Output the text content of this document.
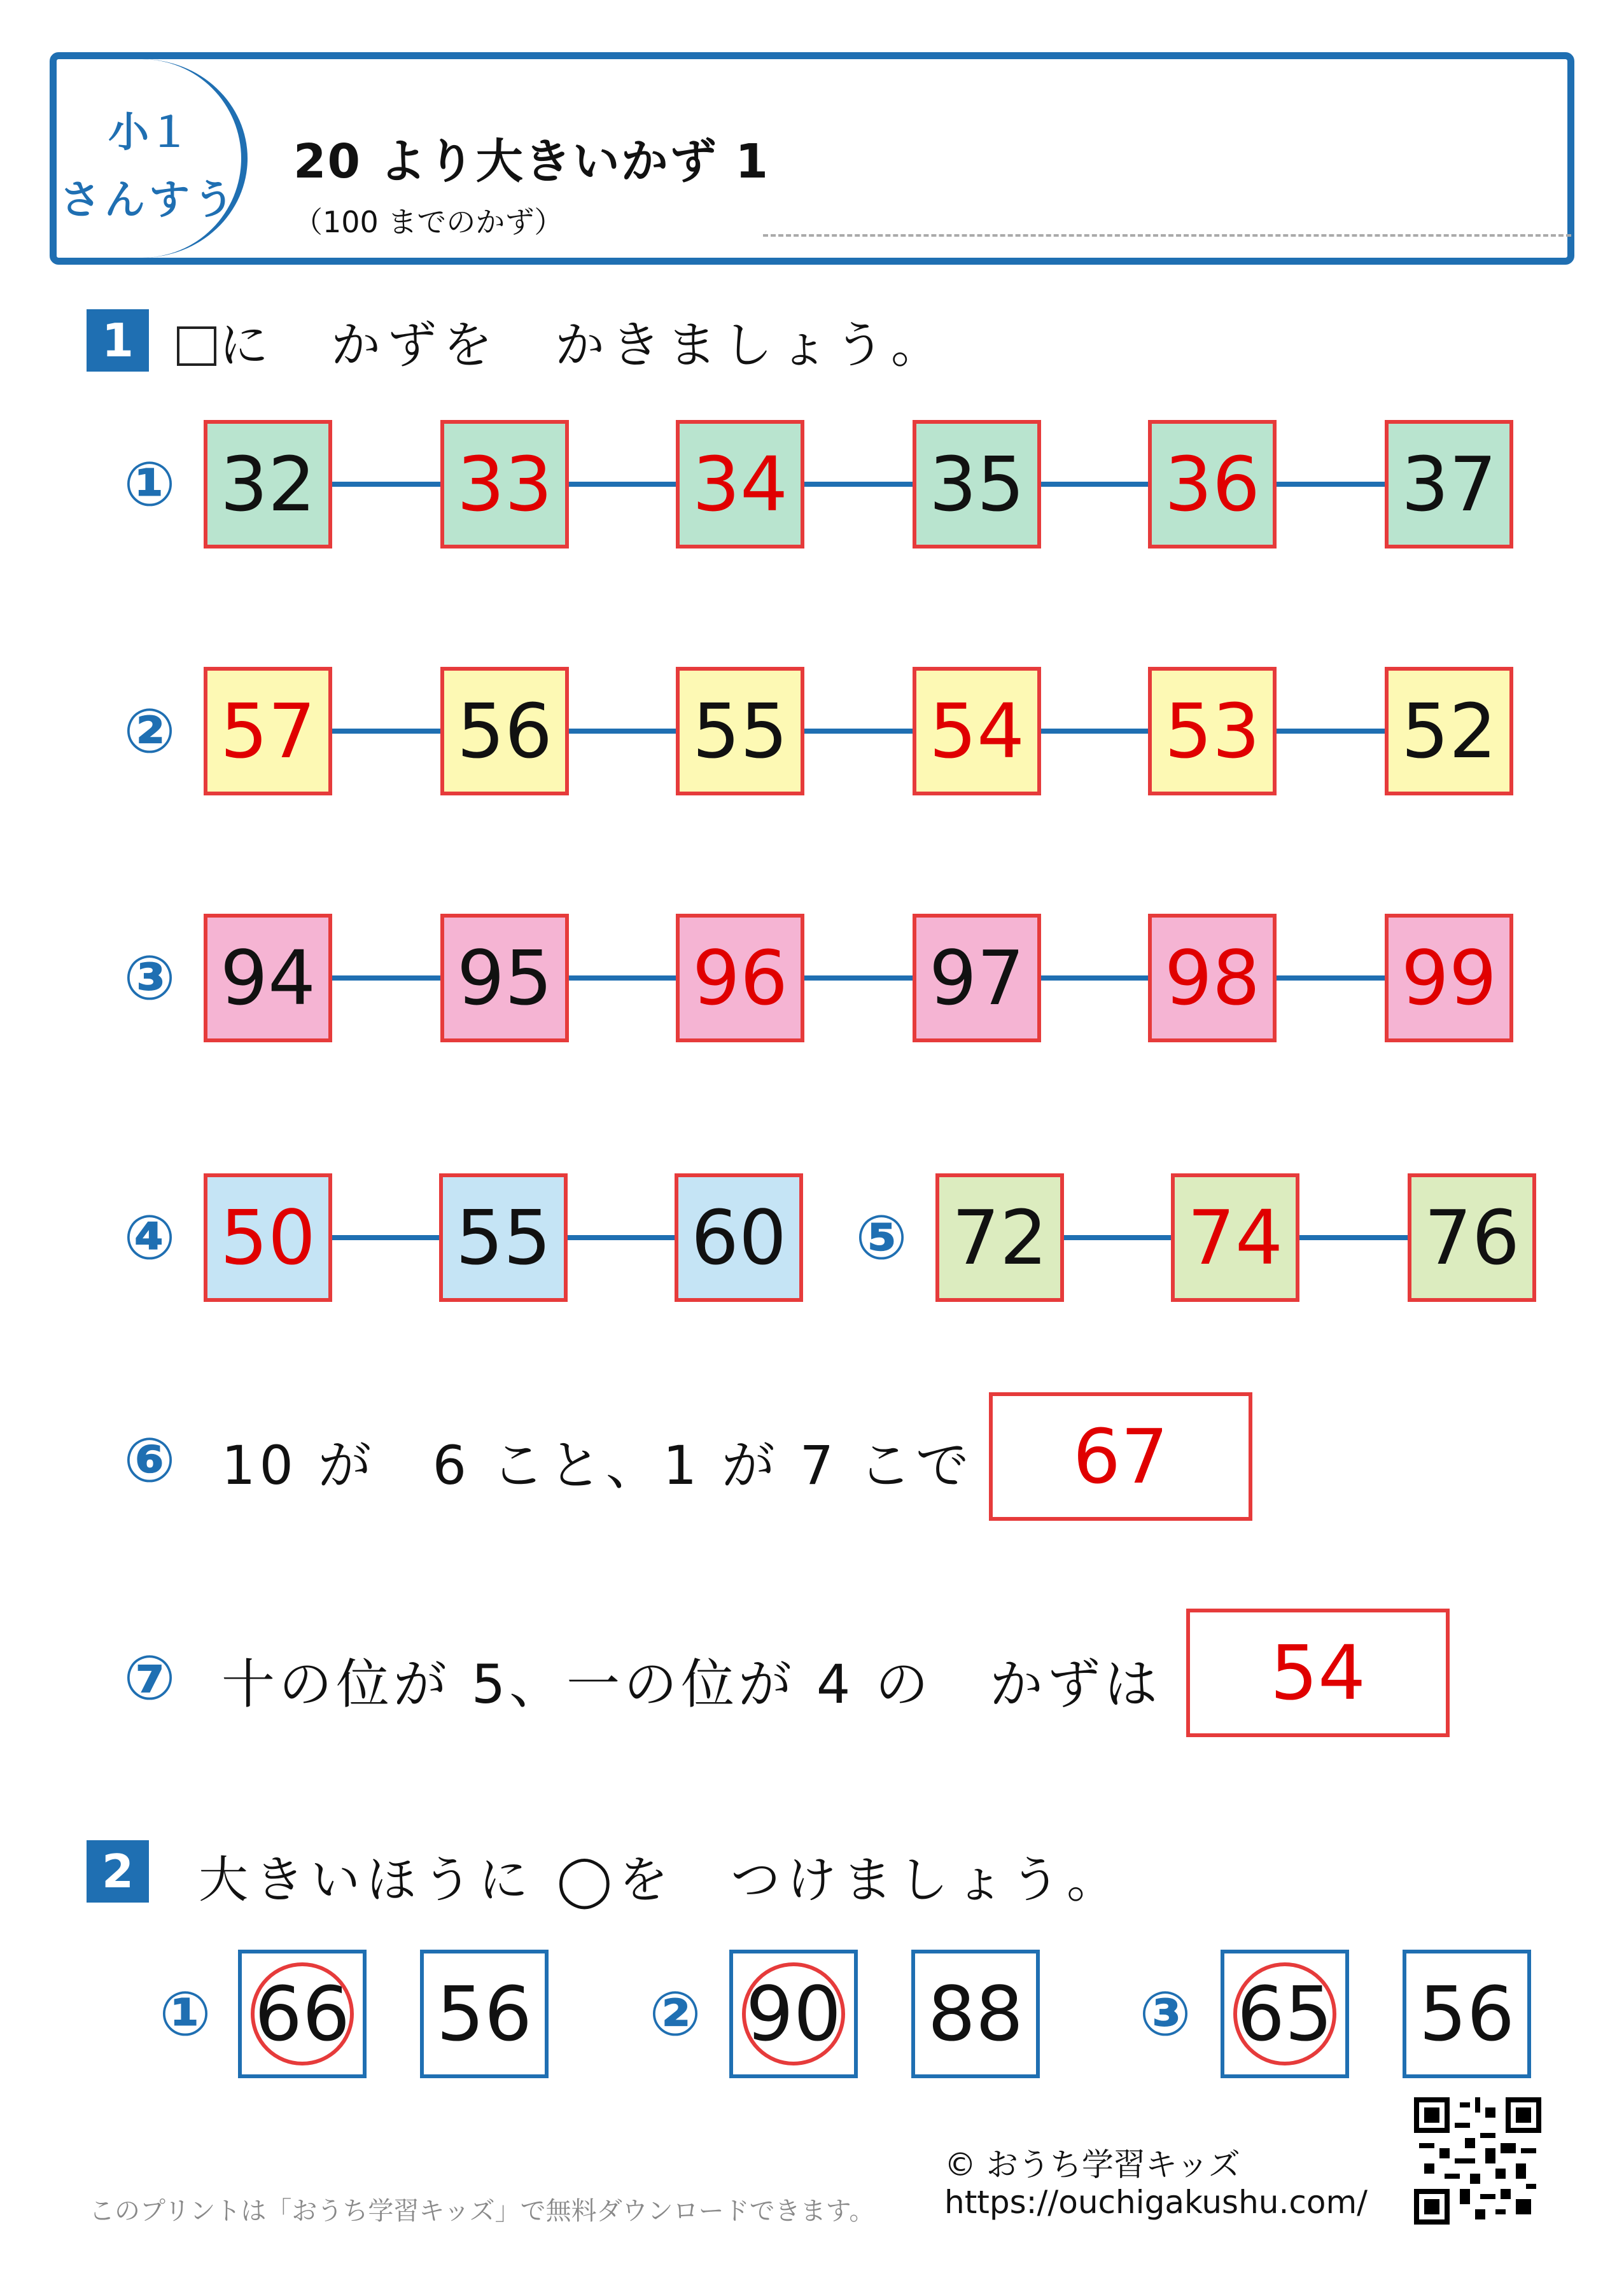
小１
さんすう
20 より大きいかず 1
（100 までのかず）
1	に　かずを　かきましょう。
① 32 33 34 35 36 37
② 57 56 55 54 53 52
③ 94 95 96 97 98 99
④ 50 55 60 ⑤ 72 74 76
⑥ 10 が　6 こと、1 が 7 こで	67
⑦ 十の位が 5、一の位が 4 の　かずは	54
2	大きいほうに ◯を　つけましょう。
① 66 56 ② 90 88 ③ 65 56
このプリントは「おうち学習キッズ」で無料ダウンロードできます。
© おうち学習キッズ
https://ouchigakushu.com/
